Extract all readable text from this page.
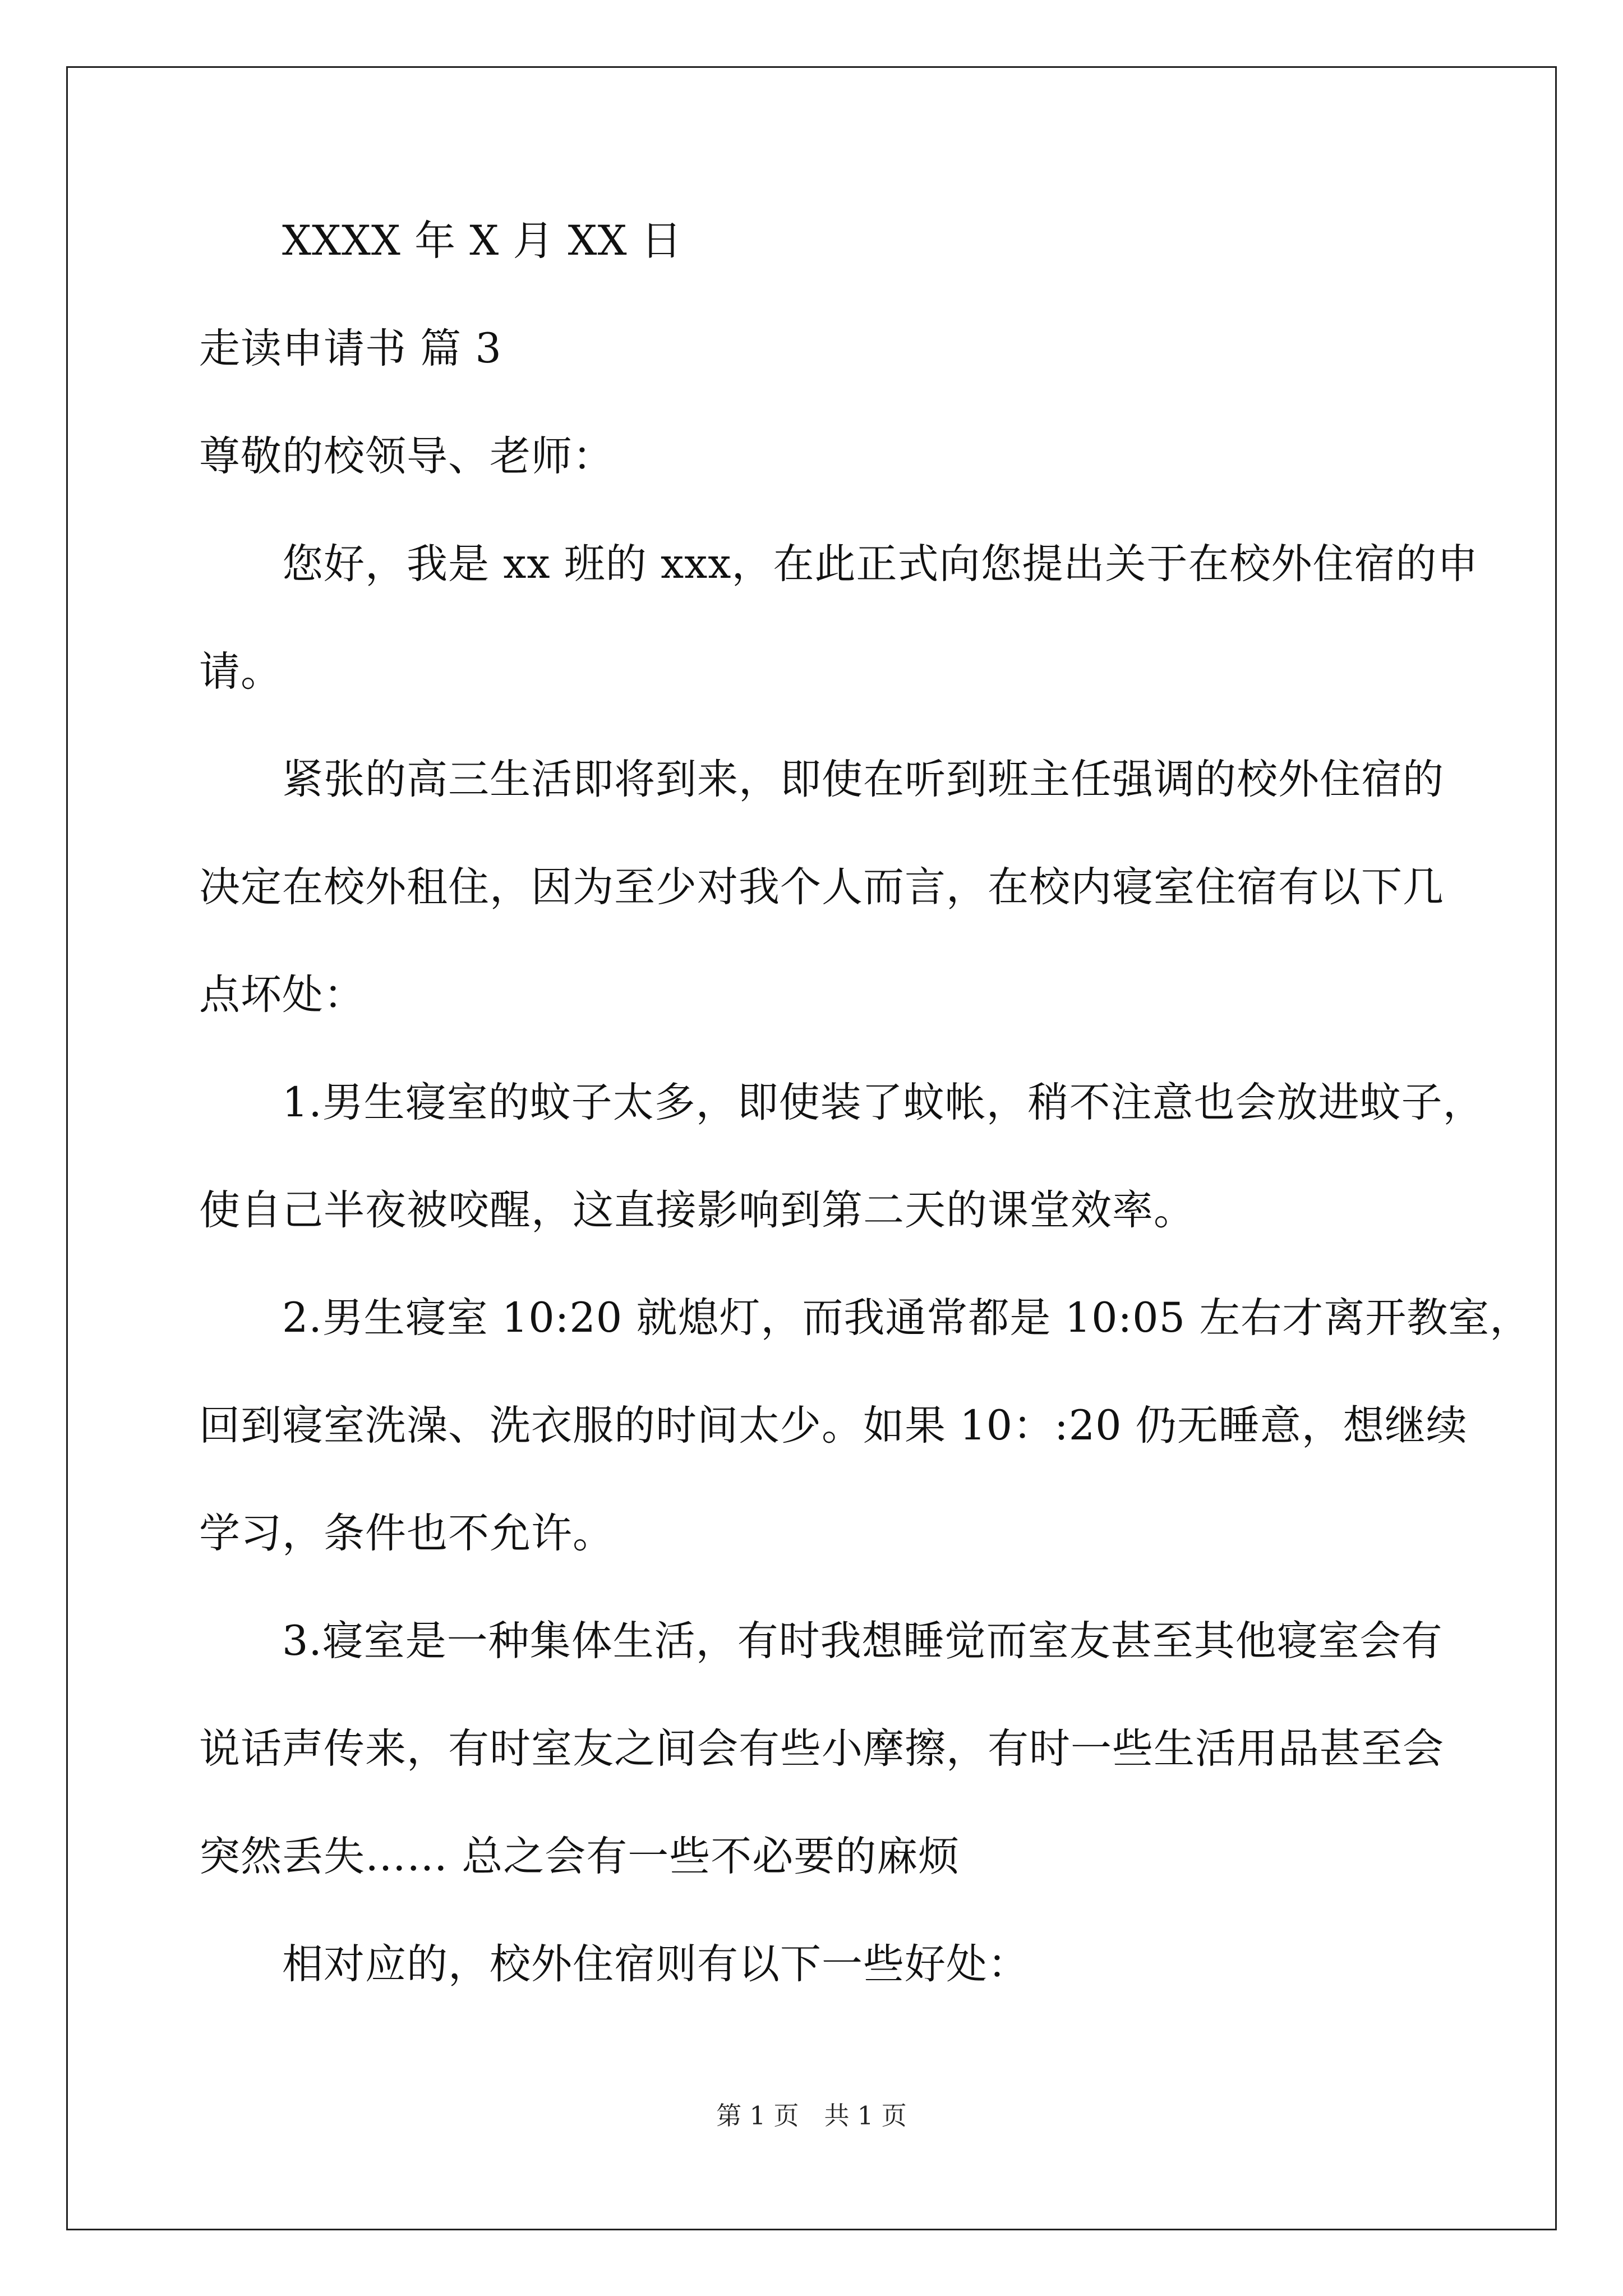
XXXX 年 X 月 XX 日
走读申请书 篇 3
尊敬的校领导、老师：
您好，我是 xx 班的 xxx，在此正式向您提出关于在校外住宿的申
请。
紧张的高三生活即将到来，即使在听到班主任强调的校外住宿的
决定在校外租住，因为至少对我个人而言，在校内寝室住宿有以下几
点坏处：
1.男生寝室的蚊子太多，即使装了蚊帐，稍不注意也会放进蚊子，
使自己半夜被咬醒，这直接影响到第二天的课堂效率。
2.男生寝室 10:20 就熄灯，而我通常都是 10:05 左右才离开教室，
回到寝室洗澡、洗衣服的时间太少。如果 10：:20 仍无睡意，想继续
学习，条件也不允许。
3.寝室是一种集体生活，有时我想睡觉而室友甚至其他寝室会有
说话声传来，有时室友之间会有些小摩擦，有时一些生活用品甚至会
突然丢失…… 总之会有一些不必要的麻烦
相对应的，校外住宿则有以下一些好处：
第 1 页　共 1 页
